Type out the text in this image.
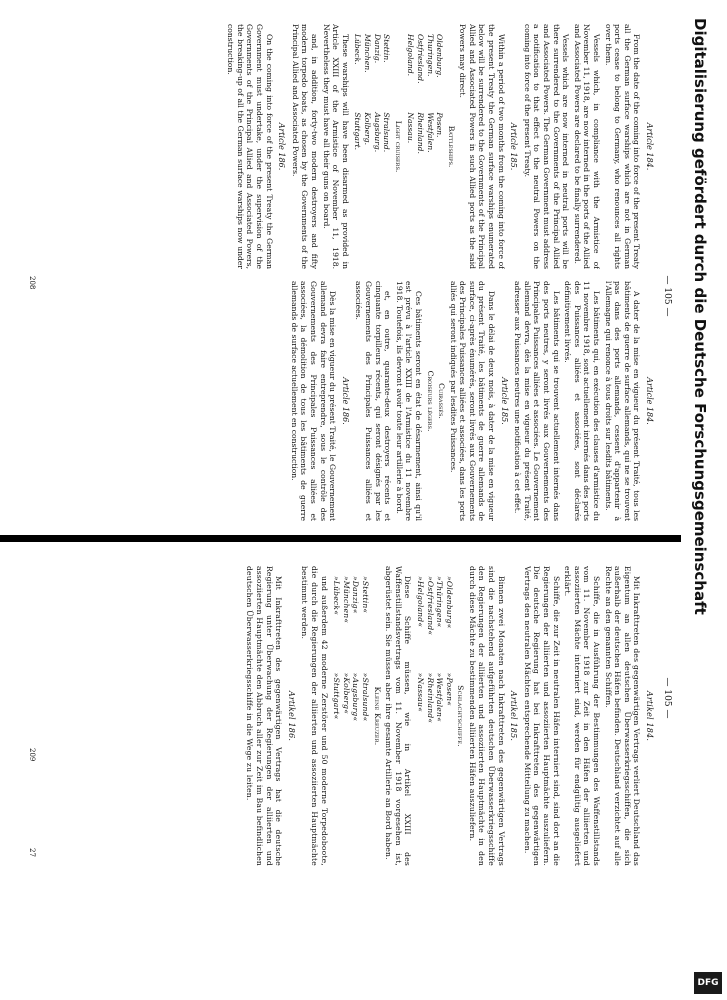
— 105 —
Article 184.

From the date of the coming into force of the present Treaty all the German surface warships which are not in German ports cease to belong to Germany, who renounces all rights over them.

Vessels which, in compliance with the Armistice of November 11, 1918, are now interned in the ports of the Allied and Associated Powers are declared to be finally surrendered.

Vessels which are now interned in neutral ports will be there surrendered to the Governments of the Principal Allied and Associated Powers. The German Government must address a notification to that effect to the neutral Powers on the coming into force of the present Treaty.

Article 185.

Within a period of two months from the coming into force of the present Treaty the German surface warships enumerated below will be surrendered to the Governments of the Principal Allied and Associated Powers in such Allied ports as the said Powers may direct.

Battleships.
Oldenburg.
Posen.
Thuringen.
Westfalen.
Ostfriesland.
Rheinland.
Helgoland.
Nassau.
Light cruisers.
Stettin.
Stralsund.
Danzig.
Augsburg.
München.
Kolberg.
Lübeck.
Stuttgart.

These warships will have been disarmed as provided in Article XXIII of the Armistice of November 11, 1918. Nevertheless they must have all their guns on board.

and, in addition, forty-two modern destroyers and fifty modern torpedo boats, as chosen by the Governments of the Principal Allied and Associated Powers.

Article 186.

On the coming into force of the present Treaty the German Government must undertake, under the supervision of the Governments of the Principal Allied and Associated Powers, the breaking-up of all the German surface warships now under construction.

Article 184.

A dater de la mise en vigueur du présent Traité, tous les bâtiments de guerre de surface allemands, qui ne se trouvent pas dans des ports allemands, cessent d'appartenir à l'Allemagne qui renonce à tous droits sur lesdits bâtiments.

Les bâtiments qui, en exécution des clauses d'armistice du 11 novembre 1918, sont actuellement internés dans des ports des Puissances alliées et associées, sont déclarés définitivement livrés.

Les bâtiments qui se trouvent actuellement internés dans des ports neutres, y seront livrés aux Gouvernements des Principales Puissances alliées et associées. Le Gouvernement allemand devra, dès la mise en vigueur du présent Traité, adresser aux Puissances neutres une notification à cet effet.

Article 185.

Dans le délai de deux mois, à dater de la mise en vigueur du présent Traité, les bâtiments de guerre allemands de surface, ci-après énumérés, seront livrés aux Gouvernements des Principales Puissances alliées et associées, dans les ports alliés qui seront indiqués par lesdites Puissances.

Cuirassés.
Croiseurs légers.

Ces bâtiments seront en état de désarmement, ainsi qu'il est prévu à l'article XXIII de l'Armistice du 11 novembre 1918. Toutefois, ils devront avoir toute leur artillerie à bord.

et, en outre, quarante-deux destroyers récents et cinquante torpilleurs récents, qui seront désignés par les Gouvernements des Principales Puissances alliées et associées.

Article 186.

Dès la mise en vigueur du présent Traité, le Gouvernement allemand devra faire entreprendre, sous le contrôle des Gouvernements des Principales Puissances alliées et associées, la démolition de tous les bâtiments de guerre allemands de surface actuellement en construction.

208
— 105 —
Artikel 184.

Mit Inkrafttreten des gegenwärtigen Vertrags verliert Deutschland das Eigentum an allen deutschen Überwasserkriegsschiffen, die sich außerhalb der deutschen Häfen befinden. Deutschland verzichtet auf alle Rechte an den genannten Schiffen.

Schiffe, die in Ausführung der Bestimmungen des Waffenstillstands vom 11. November 1918 zur Zeit in den Häfen der alliierten und assoziierten Mächte interniert sind, werden für endgültig ausgeliefert erklärt.

Schiffe, die zur Zeit in neutralen Häfen interniert sind, sind dort an die Regierungen der alliierten und assoziierten Hauptmächte auszuliefern. Die deutsche Regierung hat bei Inkrafttreten des gegenwärtigen Vertrags den neutralen Mächten entsprechende Mitteilung zu machen.

Artikel 185.

Binnen zwei Monaten nach Inkrafttreten des gegenwärtigen Vertrags sind die nachstehend aufgeführten deutschen Überwasserkriegsschiffe den Regierungen der alliierten und assoziierten Hauptmächte in den durch diese Mächte zu bestimmenden alliierten Häfen auszuliefern.

Schlachtschiffe.
»Oldenburg«
»Posen«
»Thüringen«
»Westfalen«
»Ostfriesland«
»Rheinland«
»Helgoland«
»Nassau«

Diese Schiffe müssen, wie in Artikel XXIII des Waffenstillstandsvertrags vom 11. November 1918 vorgesehen ist, abgerüstet sein. Sie müssen aber ihre gesamte Artillerie an Bord haben.

Kleine Kreuzer.
»Stettin«
»Stralsund«
»Danzig«
»Augsburg«
»München«
»Kolberg«
»Lübeck«
»Stuttgart«

und außerdem 42 moderne Zerstörer und 50 moderne Torpedoboote, die durch die Regierungen der alliierten und assoziierten Hauptmächte bestimmt werden.

Artikel 186.

Mit Inkrafttreten des gegenwärtigen Vertrags hat die deutsche Regierung unter Überwachung der Regierungen der alliierten und assoziierten Hauptmächte den Abbruch aller zur Zeit im Bau befindlichen deutschen Überwasserkriegsschiffe in die Wege zu leiten.

209
27
Digitalisierung gefördert durch die Deutsche Forschungsgemeinschaft
DFG
